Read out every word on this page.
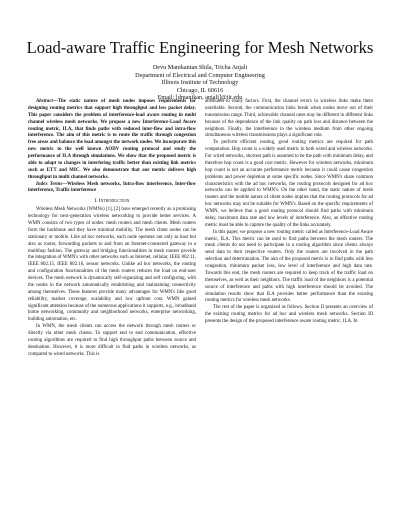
Load-aware Traffic Engineering for Mesh Networks
Devu Manikantan Shila, Tricha Anjali
Department of Electrical and Computer Engineering
Illinois Institute of Technology
Chicago, IL 60616
Email: [dmanikan, anjali]@iit.edu

Abstract—The static nature of mesh nodes imposes requirements for designing routing metrics that support high throughput and low packet delay. This paper considers the problem of interference-load aware routing in multi channel wireless mesh networks. We propose a new Interference-Load Aware routing metric, ILA, that finds paths with reduced inter-flow and intra-flow interference. The aim of this metric is to route the traffic through congestion free areas and balance the load amongst the network nodes. We incorporate this new metric to the well known AODV routing protocol and study the performance of ILA through simulations. We show that the proposed metric is able to adapt to changes in interfering traffic better than existing link metrics such as ETT and MIC. We also demonstrate that our metric delivers high throughput in multi channel networks.

Index Terms—Wireless Mesh networks, Intra-flow interference, Inter-flow interference, Traffic interference

I. Introduction

Wireless Mesh Networks (WMNs) [1], [2] have emerged recently as a promising technology for next-generation wireless networking to provide better services. A WMN consists of two types of nodes: mesh routers and mesh clients. Mesh routers form the backbone and they have minimal mobility. The mesh client nodes can be stationary or mobile. Like ad hoc networks, each node operates not only as host but also as router, forwarding packets to and from an Internet-connected gateway in a multihop fashion. The gateway and bridging functionalities in mesh routers provide the integration of WMN's with other networks such as Internet, cellular, IEEE 802.11, IEEE 802.15, IEEE 802.16, sensor networks. Unlike ad hoc networks, the routing and configuration functionalities of the mesh routers reduces the load on end-user devices. The mesh network is dynamically self-organizing and self configuring, with the nodes in the network automatically establishing and maintaining connectivity among themselves. These features provide many advantages for WMN's like good reliability, market coverage, scalability and low upfront cost. WMN gained significant attention because of the numerous applications it supports, e.g., broadband home networking, community and neighborhood networks, enterprise networking, building automation, etc.

In WMN, the mesh clients can access the network through mesh routers or directly via other mesh clients. To support end to end communication, effective routing algorithms are required to find high throughput paths between source and destination. However, it is more difficult to find paths in wireless networks, as compared to wired networks. This is

attributed to many factors. First, the channel errors in wireless links make them unreliable. Second, the communication links break when nodes move out of their transmission range. Third, achievable channel rates may be different in different links because of the dependence of the link quality on path loss and distance between the neighbors. Finally, the interference in the wireless medium from other ongoing simultaneous wireless transmissions plays a significant role.

To perform efficient routing, good routing metrics are required for path computation. Hop count is a widely used metric in both wired and wireless networks. For wired networks, shortest path is assumed to be the path with minimum delay, and therefore hop count is a good cost metric. However for wireless networks, minimum hop count is not an accurate performance metric because it could cause congestion problems and power depletion at some specific nodes. Since WMN's share common characteristics with the ad hoc networks, the routing protocols designed for ad hoc networks can be applied to WMN's. On the other hand, the static nature of mesh routers and the mobile nature of client nodes implies that the routing protocols for ad hoc networks may not be suitable for WMN's. Based on the specific requirements of WMN, we believe that a good routing protocol should find paths with minimum delay, maximum data rate and low levels of interference. Also, an effective routing metric must be able to capture the quality of the links accurately.

In this paper, we propose a new routing metric called as Interference-Load Aware metric, ILA. This metric can be used to find paths between the mesh routers. The mesh clients do not need to participate in a routing algorithm since clients always send data to their respective routers. Only the routers are involved in the path selection and determination. The aim of the proposed metric is to find paths with less congestion, minimum packet loss, low level of interference and high data rate. Towards this end, the mesh routers are required to keep track of the traffic load on themselves, as well as their neighbors. The traffic load of the neighbors is a potential source of interference and paths with high interference should be avoided. The simulation results show that ILA provides better performance than the existing routing metrics for wireless mesh networks.

The rest of the paper is organized as follows. Section II presents an overview of the existing routing metrics for ad hoc and wireless mesh networks. Section III presents the design of the proposed interference aware routing metric, ILA. In
